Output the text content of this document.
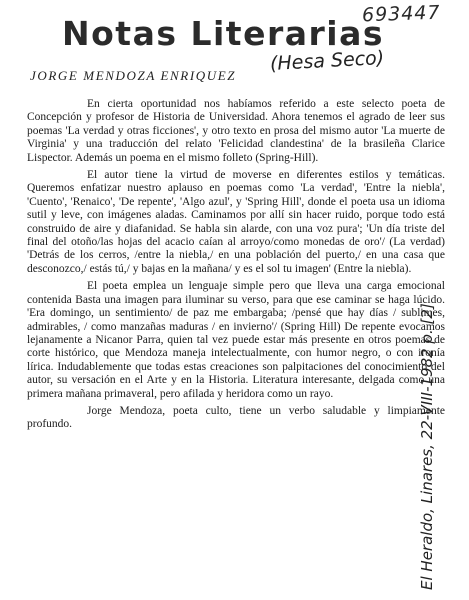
693447
Notas Literarias
JORGE MENDOZA ENRIQUEZ
(Hesa Seco)

En cierta oportunidad nos habíamos referido a este selecto poeta de Concepción y profesor de Historia de Universidad. Ahora tenemos el agrado de leer sus poemas 'La verdad y otras ficciones', y otro texto en prosa del mismo autor 'La muerte de Virginia' y una traducción del relato 'Felicidad clandestina' de la brasileña Clarice Lispector. Además un poema en el mismo folleto (Spring-Hill).

El autor tiene la virtud de moverse en diferentes estilos y temáticas. Queremos enfatizar nuestro aplauso en poemas como 'La verdad', 'Entre la niebla', 'Cuento', 'Renaico', 'De repente', 'Algo azul', y 'Spring Hill', donde el poeta usa un idioma sutil y leve, con imágenes aladas. Caminamos por allí sin hacer ruido, porque todo está construido de aire y diafanidad. Se habla sin alarde, con una voz pura'; 'Un día triste del final del otoño/las hojas del acacio caían al arroyo/como monedas de oro'/ (La verdad) 'Detrás de los cerros, /entre la niebla,/ en una población del puerto,/ en una casa que desconozco,/ estás tú,/ y bajas en la mañana/ y es el sol tu imagen' (Entre la niebla).

El poeta emplea un lenguaje simple pero que lleva una carga emocional contenida Basta una imagen para iluminar su verso, para que ese caminar se haga lúcido. 'Era domingo, un sentimiento/ de paz me embargaba; /pensé que hay días / sublimes, admirables, / como manzañas maduras / en invierno'/ (Spring Hill) De repente evocamos lejanamente a Nicanor Parra, quien tal vez puede estar más presente en otros poemas de corte histórico, que Mendoza maneja intelectualmente, con humor negro, o con ironía lírica. Indudablemente que todas estas creaciones son palpitaciones del conocimiento del autor, su versación en el Arte y en la Historia. Literatura interesante, delgada como una primera mañana primaveral, pero afilada y heridora como un rayo.

Jorge Mendoza, poeta culto, tiene un verbo saludable y limpiamente profundo.	El Heraldo, Linares, 22-VIII-1982 p. [2]
